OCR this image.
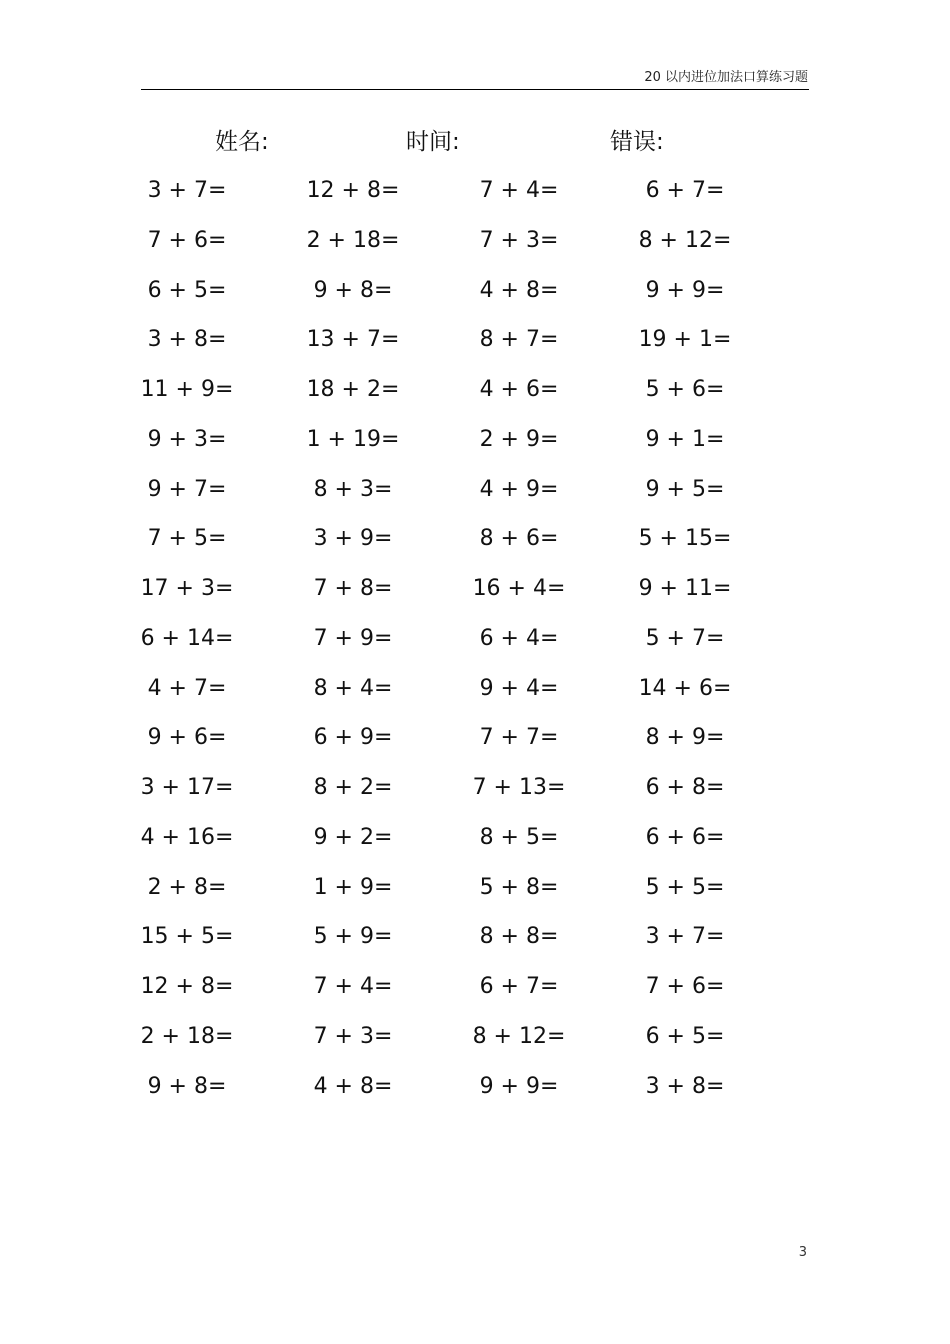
20 以内进位加法口算练习题
姓名:	时间:	错误:
3 + 7=	12 + 8=	7 + 4=	6 + 7=
7 + 6=	2 + 18=	7 + 3=	8 + 12=
6 + 5=	9 + 8=	4 + 8=	9 + 9=
3 + 8=	13 + 7=	8 + 7=	19 + 1=
11 + 9=	18 + 2=	4 + 6=	5 + 6=
9 + 3=	1 + 19=	2 + 9=	9 + 1=
9 + 7=	8 + 3=	4 + 9=	9 + 5=
7 + 5=	3 + 9=	8 + 6=	5 + 15=
17 + 3=	7 + 8=	16 + 4=	9 + 11=
6 + 14=	7 + 9=	6 + 4=	5 + 7=
4 + 7=	8 + 4=	9 + 4=	14 + 6=
9 + 6=	6 + 9=	7 + 7=	8 + 9=
3 + 17=	8 + 2=	7 + 13=	6 + 8=
4 + 16=	9 + 2=	8 + 5=	6 + 6=
2 + 8=	1 + 9=	5 + 8=	5 + 5=
15 + 5=	5 + 9=	8 + 8=	3 + 7=
12 + 8=	7 + 4=	6 + 7=	7 + 6=
2 + 18=	7 + 3=	8 + 12=	6 + 5=
9 + 8=	4 + 8=	9 + 9=	3 + 8=
3
